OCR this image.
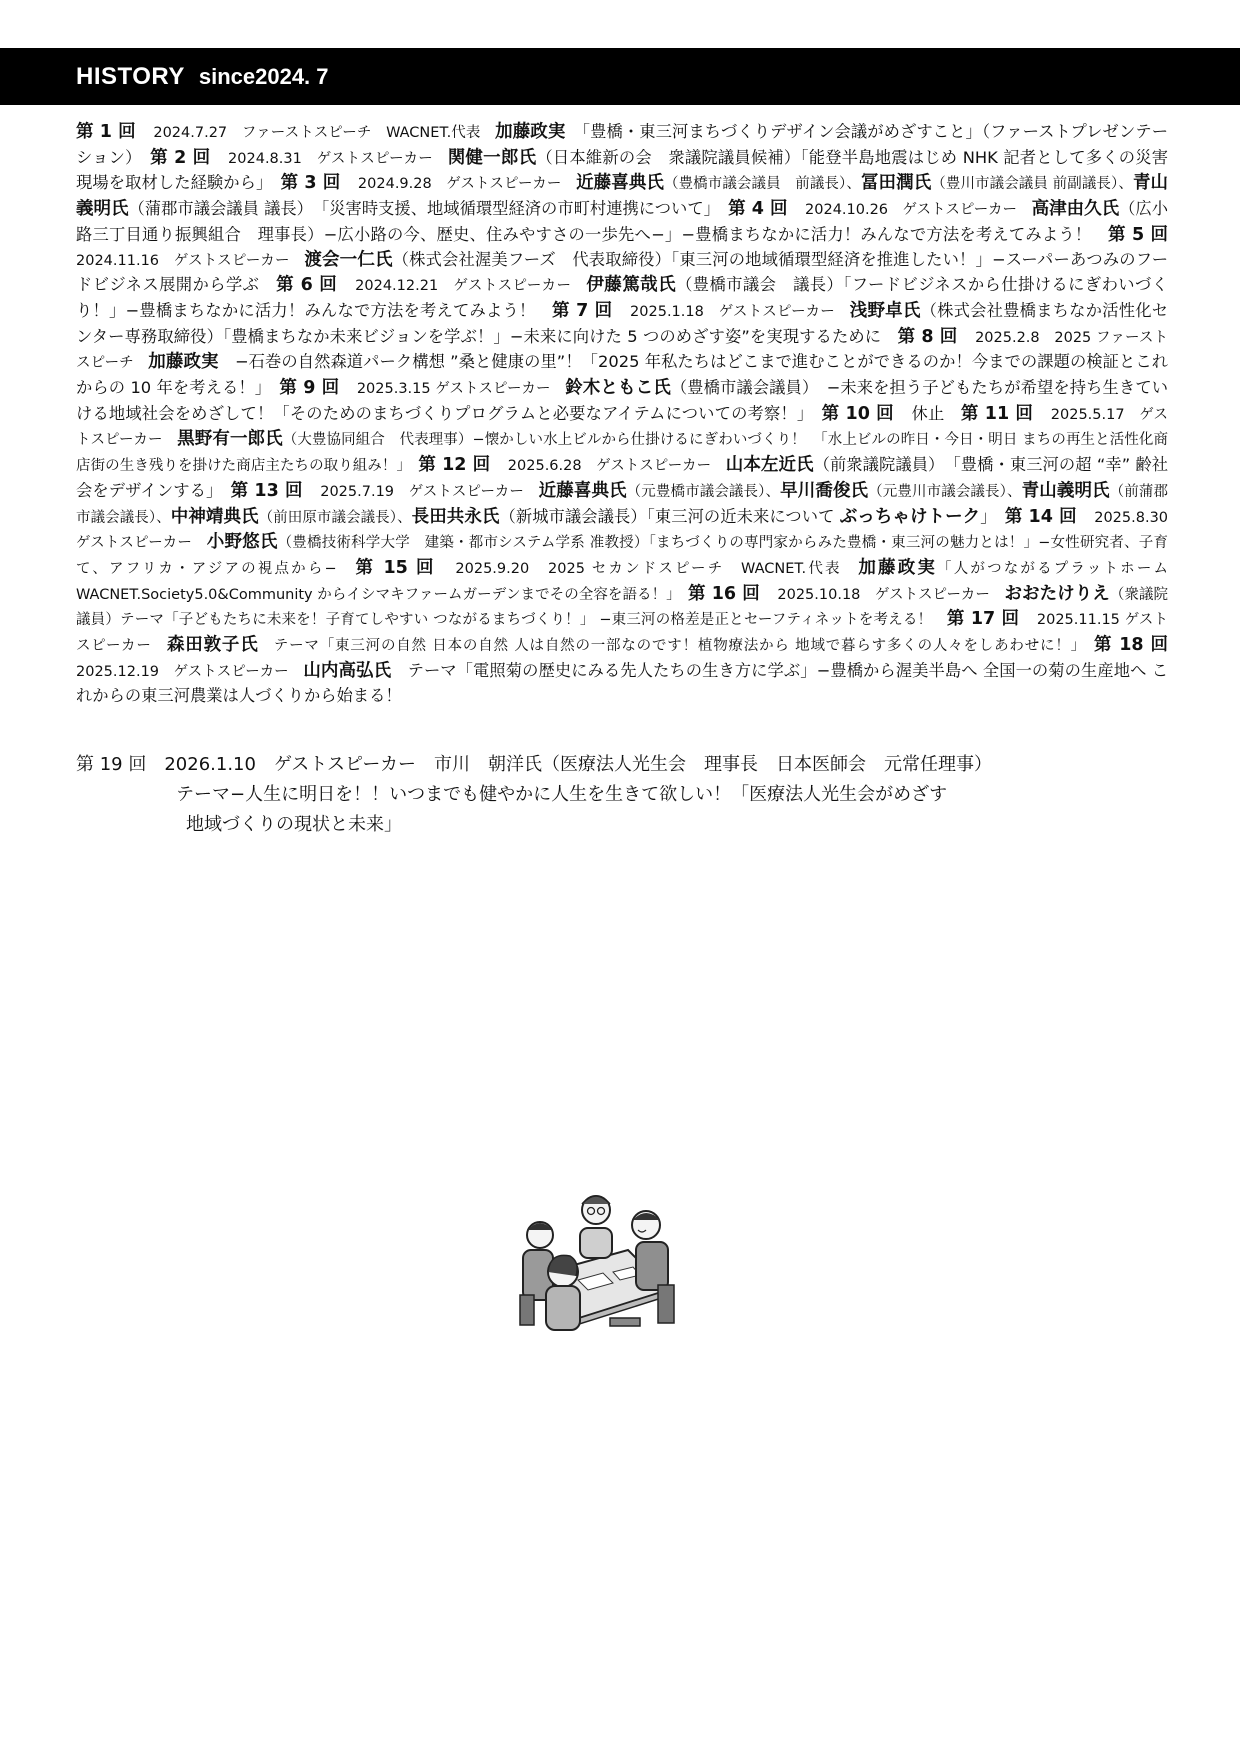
HISTORY since2024. 7
第 1 回　2024.7.27　ファーストスピーチ　WACNET.代表　加藤政実　「豊橋・東三河まちづくりデザイン会議がめざすこと」（ファーストプレゼンテーション）　第 2 回　2024.8.31　ゲストスピーカー　関健一郎氏（日本維新の会　衆議院議員候補）「能登半島地震はじめ NHK 記者として多くの災害現場を取材した経験から」　第 3 回　2024.9.28　ゲストスピーカー　近藤喜典氏（豊橋市議会議員　前議長）、冨田潤氏（豊川市議会議員 前副議長）、青山義明氏（蒲郡市議会議員 議長）　「災害時支援、地域循環型経済の市町村連携について」　第 4 回　2024.10.26　ゲストスピーカー　高津由久氏（広小路三丁目通り振興組合　理事長）−広小路の今、歴史、住みやすさの一歩先へ−」−豊橋まちなかに活力！みんなで方法を考えてみよう！　第 5 回　2024.11.16　ゲストスピーカー　渡会一仁氏（株式会社渥美フーズ　代表取締役）「東三河の地域循環型経済を推進したい！」−スーパーあつみのフードビジネス展開から学ぶ　第 6 回　2024.12.21　ゲストスピーカー　伊藤篤哉氏（豊橋市議会　議長）「フードビジネスから仕掛けるにぎわいづくり！」−豊橋まちなかに活力！みんなで方法を考えてみよう！　第 7 回　2025.1.18　ゲストスピーカー　浅野卓氏（株式会社豊橋まちなか活性化センター専務取締役）「豊橋まちなか未来ビジョンを学ぶ！」−未来に向けた 5 つのめざす姿”を実現するために　第 8 回　2025.2.8　2025 ファーストスピーチ　加藤政実　−石巻の自然森道パーク構想 ”桑と健康の里”！「2025 年私たちはどこまで進むことができるのか！今までの課題の検証とこれからの 10 年を考える！」　第 9 回　2025.3.15 ゲストスピーカー　鈴木ともこ氏（豊橋市議会議員）　−未来を担う子どもたちが希望を持ち生きていける地域社会をめざして！「そのためのまちづくりプログラムと必要なアイテムについての考察！」　第 10 回　休止　第 11 回　2025.5.17　ゲストスピーカー　黒野有一郎氏（大豊協同組合　代表理事）−懐かしい水上ビルから仕掛けるにぎわいづくり！　「水上ビルの昨日・今日・明日 まちの再生と活性化商店街の生き残りを掛けた商店主たちの取り組み！」　第 12 回　2025.6.28　ゲストスピーカー　山本左近氏（前衆議院議員）　「豊橋・東三河の超 “幸” 齢社会をデザインする」　第 13 回　2025.7.19　ゲストスピーカー　近藤喜典氏（元豊橋市議会議長）、早川喬俊氏（元豊川市議会議長）、青山義明氏（前蒲郡市議会議長）、中神靖典氏（前田原市議会議長）、長田共永氏（新城市議会議長）「東三河の近未来について ぶっちゃけトーク」　第 14 回　2025.8.30　ゲストスピーカー　小野悠氏（豊橋技術科学大学　建築・都市システム学系 准教授）「まちづくりの専門家からみた豊橋・東三河の魅力とは！」−女性研究者、子育て、アフリカ・アジアの視点から−　第 15 回　2025.9.20　2025 セカンドスピーチ　WACNET.代表　加藤政実「人がつながるプラットホームWACNET.Society5.0&Community からイシマキファームガーデンまでその全容を語る！」　第 16 回　2025.10.18　ゲストスピーカー　おおたけりえ（衆議院議員）テーマ「子どもたちに未来を！子育てしやすい つながるまちづくり！」 −東三河の格差是正とセーフティネットを考える！　第 17 回　2025.11.15 ゲストスピーカー　森田敦子氏　テーマ「東三河の自然 日本の自然 人は自然の一部なのです！植物療法から 地域で暮らす多くの人々をしあわせに！」　第 18 回　2025.12.19　ゲストスピーカー　山内高弘氏　テーマ「電照菊の歴史にみる先人たちの生き方に学ぶ」−豊橋から渥美半島へ 全国一の菊の生産地へ これからの東三河農業は人づくりから始まる！
第 19 回　2026.1.10　ゲストスピーカー　市川　朝洋氏（医療法人光生会　理事長　日本医師会　元常任理事）
テーマ−人生に明日を！！いつまでも健やかに人生を生きて欲しい！「医療法人光生会がめざす
地域づくりの現状と未来」
